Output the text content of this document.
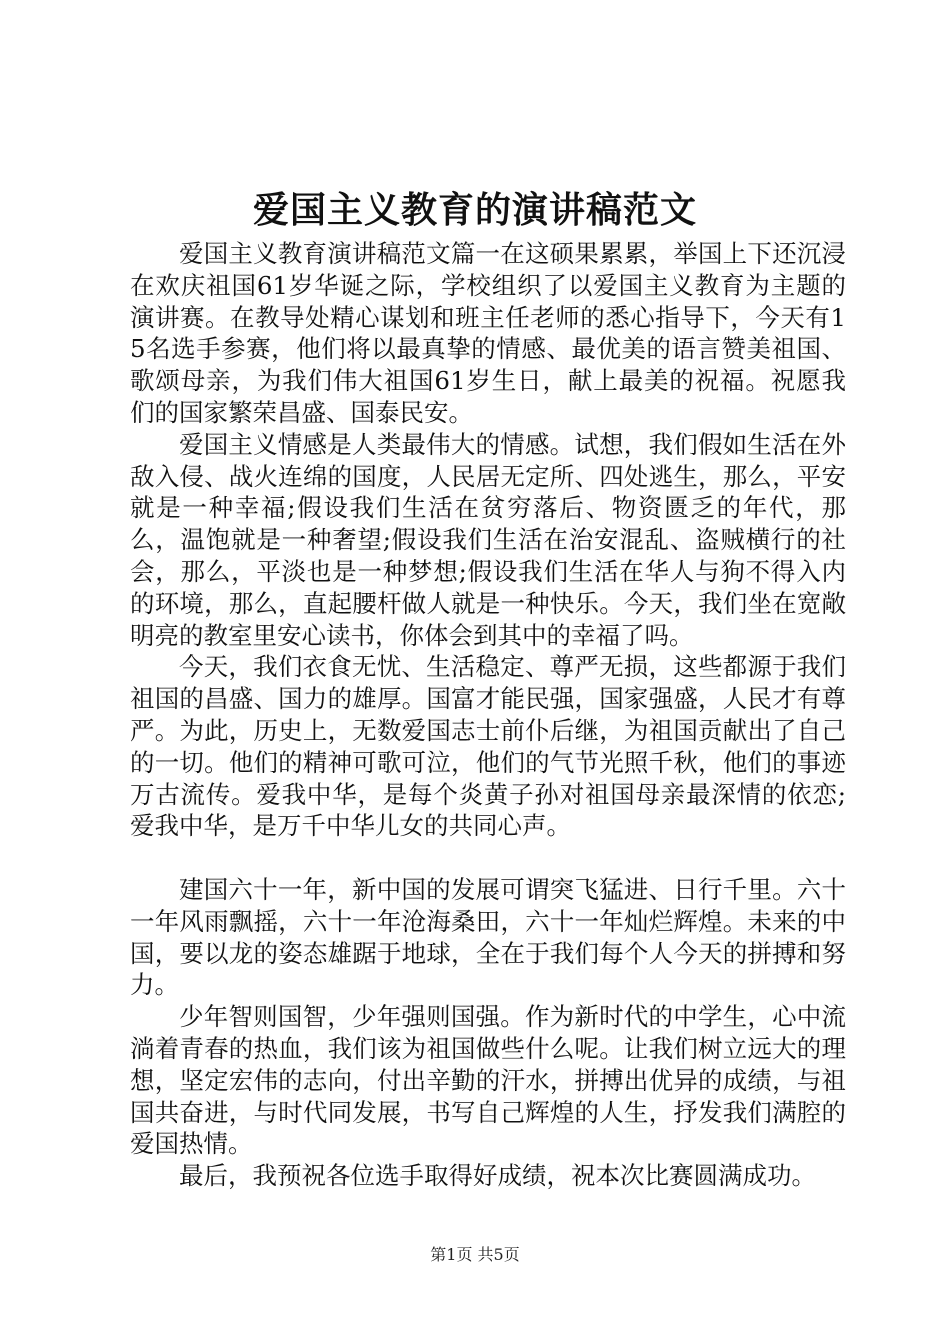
爱国主义教育的演讲稿范文

爱国主义教育演讲稿范文篇一在这硕果累累，举国上下还沉浸在欢庆祖国61岁华诞之际，学校组织了以爱国主义教育为主题的演讲赛。在教导处精心谋划和班主任老师的悉心指导下，今天有15名选手参赛，他们将以最真挚的情感、最优美的语言赞美祖国、歌颂母亲，为我们伟大祖国61岁生日，献上最美的祝福。祝愿我们的国家繁荣昌盛、国泰民安。

爱国主义情感是人类最伟大的情感。试想，我们假如生活在外敌入侵、战火连绵的国度，人民居无定所、四处逃生，那么，平安就是一种幸福;假设我们生活在贫穷落后、物资匮乏的年代，那么，温饱就是一种奢望;假设我们生活在治安混乱、盗贼横行的社会，那么，平淡也是一种梦想;假设我们生活在华人与狗不得入内的环境，那么，直起腰杆做人就是一种快乐。今天，我们坐在宽敞明亮的教室里安心读书，你体会到其中的幸福了吗。

今天，我们衣食无忧、生活稳定、尊严无损，这些都源于我们祖国的昌盛、国力的雄厚。国富才能民强，国家强盛，人民才有尊严。为此，历史上，无数爱国志士前仆后继，为祖国贡献出了自己的一切。他们的精神可歌可泣，他们的气节光照千秋，他们的事迹万古流传。爱我中华，是每个炎黄子孙对祖国母亲最深情的依恋;爱我中华，是万千中华儿女的共同心声。

建国六十一年，新中国的发展可谓突飞猛进、日行千里。六十一年风雨飘摇，六十一年沧海桑田，六十一年灿烂辉煌。未来的中国，要以龙的姿态雄踞于地球，全在于我们每个人今天的拼搏和努力。

少年智则国智，少年强则国强。作为新时代的中学生，心中流淌着青春的热血，我们该为祖国做些什么呢。让我们树立远大的理想，坚定宏伟的志向，付出辛勤的汗水，拼搏出优异的成绩，与祖国共奋进，与时代同发展，书写自己辉煌的人生，抒发我们满腔的爱国热情。

最后，我预祝各位选手取得好成绩，祝本次比赛圆满成功。

第1页 共5页
